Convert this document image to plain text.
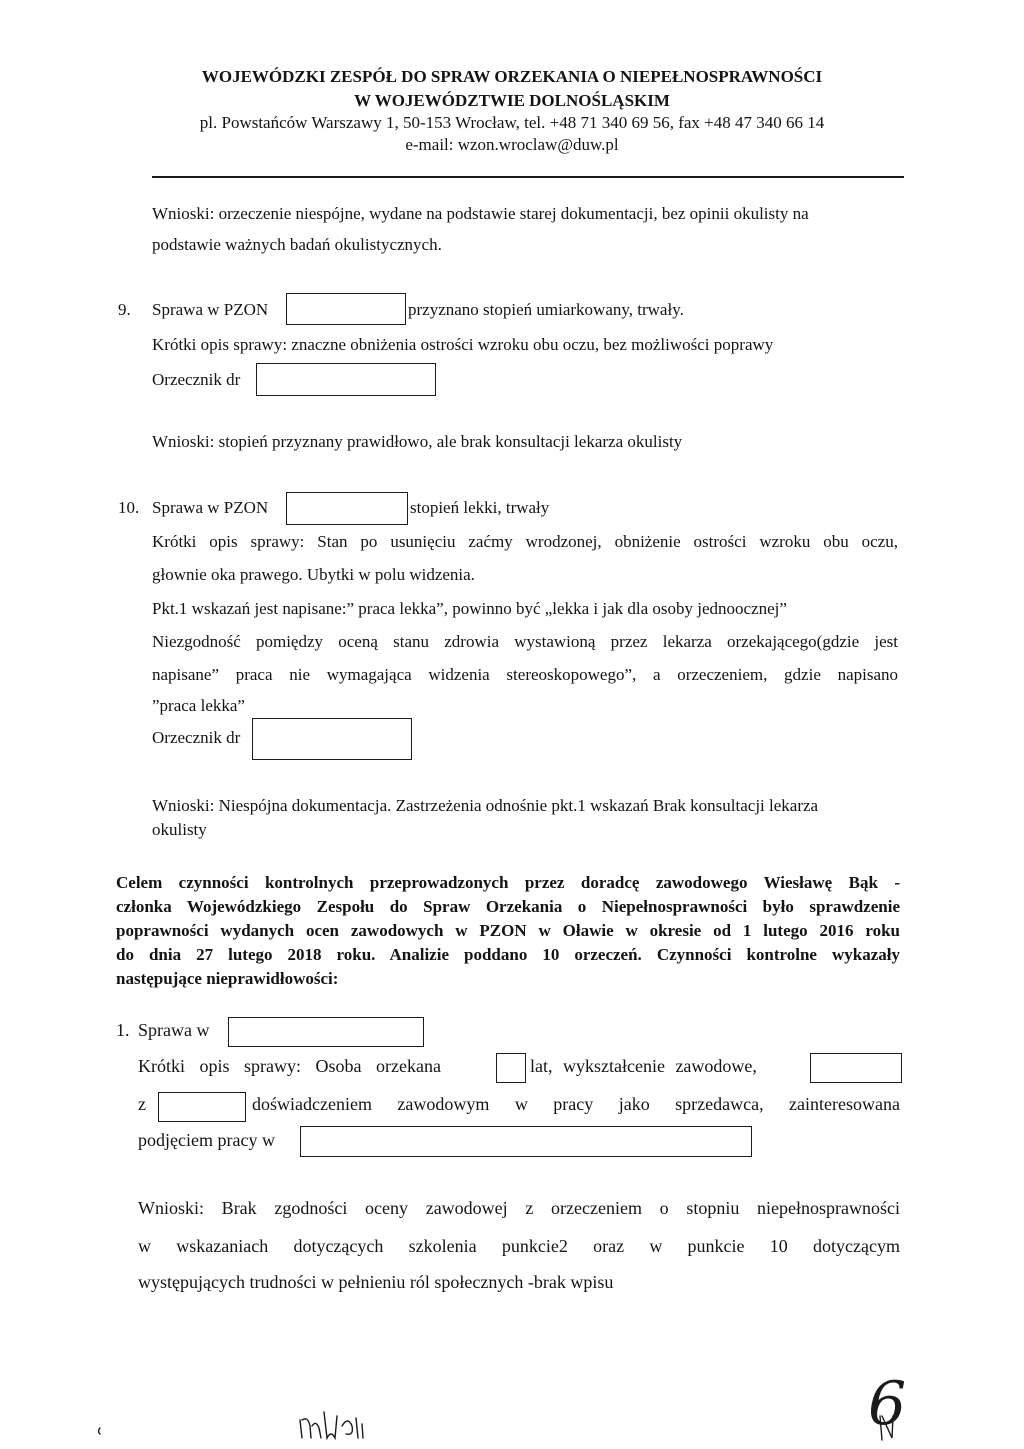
WOJEWÓDZKI ZESPÓŁ DO SPRAW ORZEKANIA O NIEPEŁNOSPRAWNOŚCI
W WOJEWÓDZTWIE DOLNOŚLĄSKIM
pl. Powstańców Warszawy 1, 50-153 Wrocław, tel. +48 71 340 69 56, fax +48 47 340 66 14
e-mail: wzon.wroclaw@duw.pl
Wnioski: orzeczenie niespójne, wydane na podstawie starej dokumentacji, bez opinii okulisty na
podstawie ważnych badań okulistycznych.
9. Sprawa w PZON	przyznano stopień umiarkowany, trwały.
Krótki opis sprawy: znaczne obniżenia ostrości wzroku obu oczu, bez możliwości poprawy
Orzecznik dr
Wnioski: stopień przyznany prawidłowo, ale brak konsultacji lekarza okulisty
10. Sprawa w PZON	stopień lekki, trwały
Krótki opis sprawy: Stan po usunięciu zaćmy wrodzonej, obniżenie ostrości wzroku obu oczu,
głownie oka prawego. Ubytki w polu widzenia.
Pkt.1 wskazań jest napisane:” praca lekka”, powinno być „lekka i jak dla osoby jednoocznej”
Niezgodność pomiędzy oceną stanu zdrowia wystawioną przez lekarza orzekającego(gdzie jest
napisane” praca nie wymagająca widzenia stereoskopowego”, a orzeczeniem, gdzie napisano
”praca lekka”
Orzecznik dr
Wnioski: Niespójna dokumentacja. Zastrzeżenia odnośnie pkt.1 wskazań Brak konsultacji lekarza
okulisty
Celem czynności kontrolnych przeprowadzonych przez doradcę zawodowego Wiesławę Bąk -
członka Wojewódzkiego Zespołu do Spraw Orzekania o Niepełnosprawności było sprawdzenie
poprawności wydanych ocen zawodowych w PZON w Oławie w okresie od 1 lutego 2016 roku
do dnia 27 lutego 2018 roku. Analizie poddano 10 orzeczeń. Czynności kontrolne wykazały
następujące nieprawidłowości:
1. Sprawa w
Krótki opis sprawy: Osoba orzekana	lat, wykształcenie zawodowe,
z	doświadczeniem zawodowym w pracy jako sprzedawca, zainteresowana
podjęciem pracy w
Wnioski: Brak zgodności oceny zawodowej z orzeczeniem o stopniu niepełnosprawności
w wskazaniach dotyczących szkolenia punkcie2 oraz w punkcie 10 dotyczącym
występujących trudności w pełnieniu ról społecznych -brak wpisu
6
